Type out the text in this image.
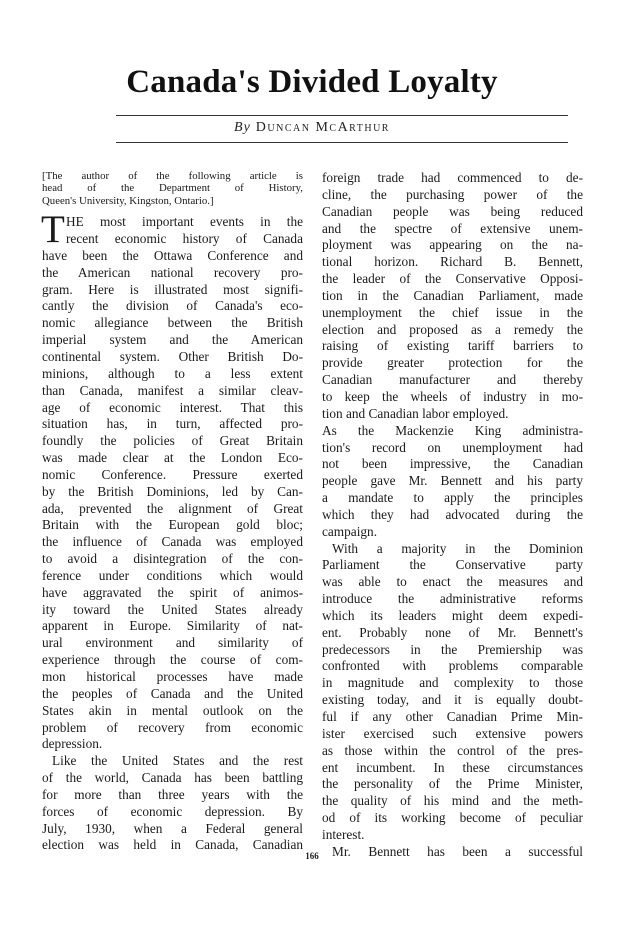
Canada's Divided Loyalty
By Duncan McArthur
[The author of the following article is
head of the Department of History,
Queen's University, Kingston, Ontario.]
T HE most important events in the
recent economic history of Canada
have been the Ottawa Conference and
the American national recovery pro-
gram. Here is illustrated most signifi-
cantly the division of Canada's eco-
nomic allegiance between the British
imperial system and the American
continental system. Other British Do-
minions, although to a less extent
than Canada, manifest a similar cleav-
age of economic interest. That this
situation has, in turn, affected pro-
foundly the policies of Great Britain
was made clear at the London Eco-
nomic Conference. Pressure exerted
by the British Dominions, led by Can-
ada, prevented the alignment of Great
Britain with the European gold bloc;
the influence of Canada was employed
to avoid a disintegration of the con-
ference under conditions which would
have aggravated the spirit of animos-
ity toward the United States already
apparent in Europe. Similarity of nat-
ural environment and similarity of
experience through the course of com-
mon historical processes have made
the peoples of Canada and the United
States akin in mental outlook on the
problem of recovery from economic
depression.
Like the United States and the rest
of the world, Canada has been battling
for more than three years with the
forces of economic depression. By
July, 1930, when a Federal general
election was held in Canada, Canadian
foreign trade had commenced to de-
cline, the purchasing power of the
Canadian people was being reduced
and the spectre of extensive unem-
ployment was appearing on the na-
tional horizon. Richard B. Bennett,
the leader of the Conservative Opposi-
tion in the Canadian Parliament, made
unemployment the chief issue in the
election and proposed as a remedy the
raising of existing tariff barriers to
provide greater protection for the
Canadian manufacturer and thereby
to keep the wheels of industry in mo-
tion and Canadian labor employed.
As the Mackenzie King administra-
tion's record on unemployment had
not been impressive, the Canadian
people gave Mr. Bennett and his party
a mandate to apply the principles
which they had advocated during the
campaign.
With a majority in the Dominion
Parliament the Conservative party
was able to enact the measures and
introduce the administrative reforms
which its leaders might deem expedi-
ent. Probably none of Mr. Bennett's
predecessors in the Premiership was
confronted with problems comparable
in magnitude and complexity to those
existing today, and it is equally doubt-
ful if any other Canadian Prime Min-
ister exercised such extensive powers
as those within the control of the pres-
ent incumbent. In these circumstances
the personality of the Prime Minister,
the quality of his mind and the meth-
od of its working become of peculiar
interest.
Mr. Bennett has been a successful
166
